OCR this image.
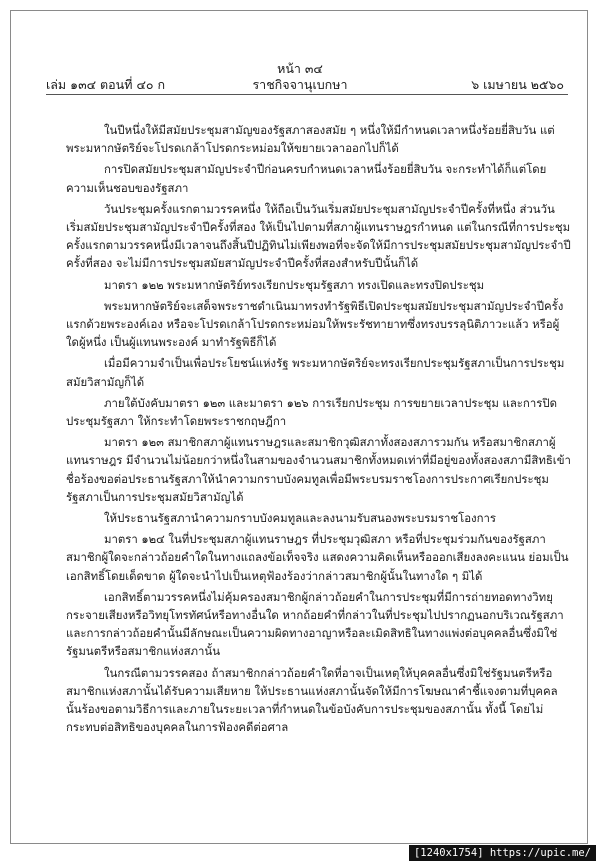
หน้า ๓๔
เล่ม ๑๓๔ ตอนที่ ๔๐ ก	ราชกิจจานุเบกษา	๖ เมษายน ๒๕๖๐

ในปีหนึ่งให้มีสมัยประชุมสามัญของรัฐสภาสองสมัย ๆ หนึ่งให้มีกำหนดเวลาหนึ่งร้อยยี่สิบวัน แต่พระมหากษัตริย์จะโปรดเกล้าโปรดกระหม่อมให้ขยายเวลาออกไปก็ได้

การปิดสมัยประชุมสามัญประจำปีก่อนครบกำหนดเวลาหนึ่งร้อยยี่สิบวัน จะกระทำได้ก็แต่โดยความเห็นชอบของรัฐสภา

วันประชุมครั้งแรกตามวรรคหนึ่ง ให้ถือเป็นวันเริ่มสมัยประชุมสามัญประจำปีครั้งที่หนึ่ง ส่วนวันเริ่มสมัยประชุมสามัญประจำปีครั้งที่สอง ให้เป็นไปตามที่สภาผู้แทนราษฎรกำหนด แต่ในกรณีที่การประชุมครั้งแรกตามวรรคหนึ่งมีเวลาจนถึงสิ้นปีปฏิทินไม่เพียงพอที่จะจัดให้มีการประชุมสมัยประชุมสามัญประจำปีครั้งที่สอง จะไม่มีการประชุมสมัยสามัญประจำปีครั้งที่สองสำหรับปีนั้นก็ได้

มาตรา ๑๒๒ พระมหากษัตริย์ทรงเรียกประชุมรัฐสภา ทรงเปิดและทรงปิดประชุม

พระมหากษัตริย์จะเสด็จพระราชดำเนินมาทรงทำรัฐพิธีเปิดประชุมสมัยประชุมสามัญประจำปีครั้งแรกด้วยพระองค์เอง หรือจะโปรดเกล้าโปรดกระหม่อมให้พระรัชทายาทซึ่งทรงบรรลุนิติภาวะแล้ว หรือผู้ใดผู้หนึ่ง เป็นผู้แทนพระองค์ มาทำรัฐพิธีก็ได้

เมื่อมีความจำเป็นเพื่อประโยชน์แห่งรัฐ พระมหากษัตริย์จะทรงเรียกประชุมรัฐสภาเป็นการประชุมสมัยวิสามัญก็ได้

ภายใต้บังคับมาตรา ๑๒๓ และมาตรา ๑๒๖ การเรียกประชุม การขยายเวลาประชุม และการปิดประชุมรัฐสภา ให้กระทำโดยพระราชกฤษฎีกา

มาตรา ๑๒๓ สมาชิกสภาผู้แทนราษฎรและสมาชิกวุฒิสภาทั้งสองสภารวมกัน หรือสมาชิกสภาผู้แทนราษฎร มีจำนวนไม่น้อยกว่าหนึ่งในสามของจำนวนสมาชิกทั้งหมดเท่าที่มีอยู่ของทั้งสองสภามีสิทธิเข้าชื่อร้องขอต่อประธานรัฐสภาให้นำความกราบบังคมทูลเพื่อมีพระบรมราชโองการประกาศเรียกประชุมรัฐสภาเป็นการประชุมสมัยวิสามัญได้

ให้ประธานรัฐสภานำความกราบบังคมทูลและลงนามรับสนองพระบรมราชโองการ

มาตรา ๑๒๔ ในที่ประชุมสภาผู้แทนราษฎร ที่ประชุมวุฒิสภา หรือที่ประชุมร่วมกันของรัฐสภา สมาชิกผู้ใดจะกล่าวถ้อยคำใดในทางแถลงข้อเท็จจริง แสดงความคิดเห็นหรือออกเสียงลงคะแนน ย่อมเป็นเอกสิทธิ์โดยเด็ดขาด ผู้ใดจะนำไปเป็นเหตุฟ้องร้องว่ากล่าวสมาชิกผู้นั้นในทางใด ๆ มิได้

เอกสิทธิ์ตามวรรคหนึ่งไม่คุ้มครองสมาชิกผู้กล่าวถ้อยคำในการประชุมที่มีการถ่ายทอดทางวิทยุกระจายเสียงหรือวิทยุโทรทัศน์หรือทางอื่นใด หากถ้อยคำที่กล่าวในที่ประชุมไปปรากฏนอกบริเวณรัฐสภา และการกล่าวถ้อยคำนั้นมีลักษณะเป็นความผิดทางอาญาหรือละเมิดสิทธิในทางแพ่งต่อบุคคลอื่นซึ่งมิใช่รัฐมนตรีหรือสมาชิกแห่งสภานั้น

ในกรณีตามวรรคสอง ถ้าสมาชิกกล่าวถ้อยคำใดที่อาจเป็นเหตุให้บุคคลอื่นซึ่งมิใช่รัฐมนตรีหรือสมาชิกแห่งสภานั้นได้รับความเสียหาย ให้ประธานแห่งสภานั้นจัดให้มีการโฆษณาคำชี้แจงตามที่บุคคลนั้นร้องขอตามวิธีการและภายในระยะเวลาที่กำหนดในข้อบังคับการประชุมของสภานั้น ทั้งนี้ โดยไม่กระทบต่อสิทธิของบุคคลในการฟ้องคดีต่อศาล

[1240x1754] https://upic.me/
